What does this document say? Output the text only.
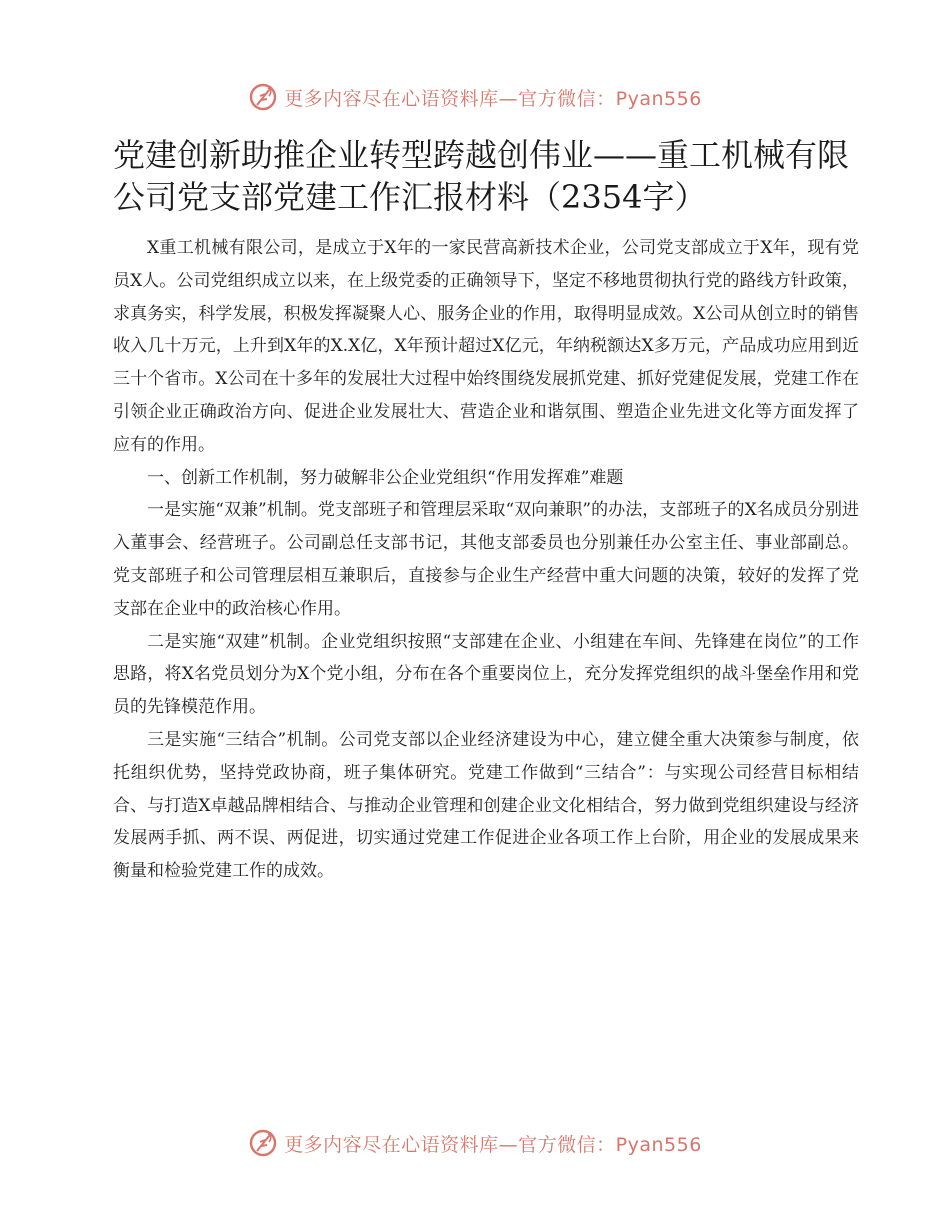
更多内容尽在心语资料库—官方微信：Pyan556
党建创新助推企业转型跨越创伟业——重工机械有限公司党支部党建工作汇报材料（2354字）

X重工机械有限公司，是成立于X年的一家民营高新技术企业，公司党支部成立于X年，现有党员X人。公司党组织成立以来，在上级党委的正确领导下，坚定不移地贯彻执行党的路线方针政策，求真务实，科学发展，积极发挥凝聚人心、服务企业的作用，取得明显成效。X公司从创立时的销售收入几十万元，上升到X年的X.X亿，X年预计超过X亿元，年纳税额达X多万元，产品成功应用到近三十个省市。X公司在十多年的发展壮大过程中始终围绕发展抓党建、抓好党建促发展，党建工作在引领企业正确政治方向、促进企业发展壮大、营造企业和谐氛围、塑造企业先进文化等方面发挥了应有的作用。

一、创新工作机制，努力破解非公企业党组织“作用发挥难”难题

一是实施“双兼”机制。党支部班子和管理层采取“双向兼职”的办法，支部班子的X名成员分别进入董事会、经营班子。公司副总任支部书记，其他支部委员也分别兼任办公室主任、事业部副总。党支部班子和公司管理层相互兼职后，直接参与企业生产经营中重大问题的决策，较好的发挥了党支部在企业中的政治核心作用。

二是实施“双建”机制。企业党组织按照“支部建在企业、小组建在车间、先锋建在岗位”的工作思路，将X名党员划分为X个党小组，分布在各个重要岗位上，充分发挥党组织的战斗堡垒作用和党员的先锋模范作用。

三是实施“三结合”机制。公司党支部以企业经济建设为中心，建立健全重大决策参与制度，依托组织优势，坚持党政协商，班子集体研究。党建工作做到“三结合”：与实现公司经营目标相结合、与打造X卓越品牌相结合、与推动企业管理和创建企业文化相结合，努力做到党组织建设与经济发展两手抓、两不误、两促进，切实通过党建工作促进企业各项工作上台阶，用企业的发展成果来衡量和检验党建工作的成效。

更多内容尽在心语资料库—官方微信：Pyan556
